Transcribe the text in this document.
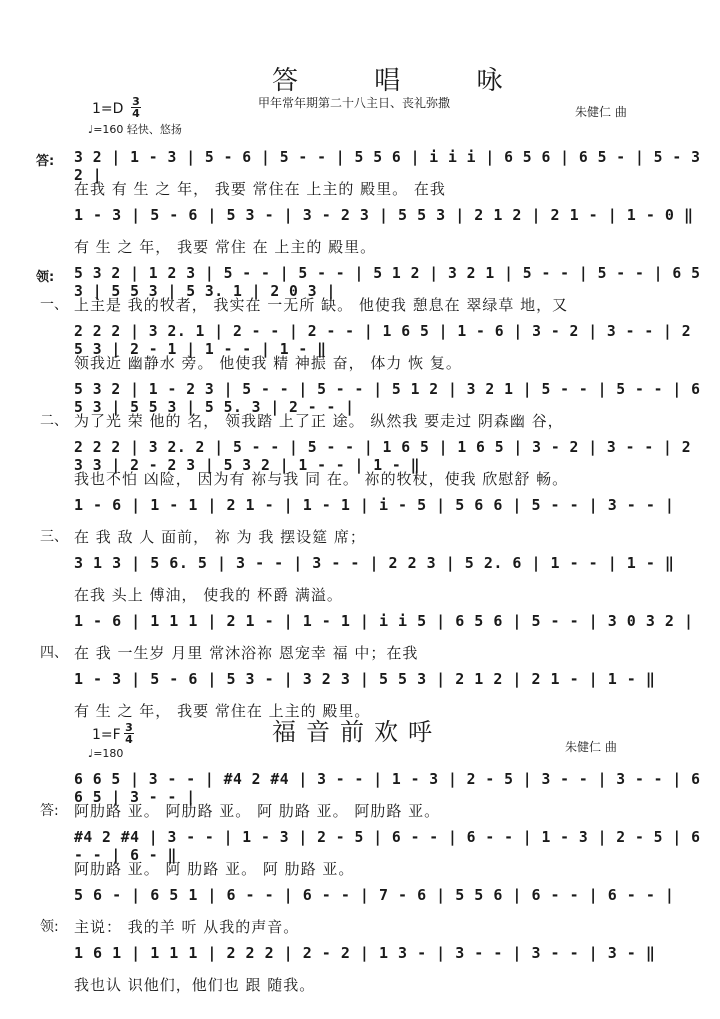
答 唱 咏
甲年常年期第二十八主日、丧礼弥撒
1=D 3
4
♩=160 轻快、悠扬
朱健仁 曲
答: 3 2 | 1 - 3 | 5 - 6 | 5 - - | 5 5 6 | i i i | 6 5 6 | 6 5 - | 5 - 3 2 |
在我 有 生 之 年， 我要 常住在 上主的 殿里。 在我
1 - 3 | 5 - 6 | 5 3 - | 3 - 2 3 | 5 5 3 | 2 1 2 | 2 1 - | 1 - 0 ‖
有 生 之 年， 我要 常住 在 上主的 殿里。
领: 5 3 2 | 1 2 3 | 5 - - | 5 - - | 5 1 2 | 3 2 1 | 5 - - | 5 - - | 6 5 3 | 5 5 3 | 5 3. 1 | 2 0 3 |
一、 上主是 我的牧者， 我实在 一无所 缺。 他使我 憩息在 翠绿草 地，又
2 2 2 | 3 2. 1 | 2 - - | 2 - - | 1 6 5 | 1 - 6 | 3 - 2 | 3 - - | 2 5 3 | 2 - 1 | 1 - - | 1 - ‖
领我近 幽静水 旁。 他使我 精 神振 奋， 体力 恢 复。
5 3 2 | 1 - 2 3 | 5 - - | 5 - - | 5 1 2 | 3 2 1 | 5 - - | 5 - - | 6 5 3 | 5 5 3 | 5 5. 3 | 2 - - |
二、 为了光 荣 他的 名， 领我踏 上了正 途。 纵然我 要走过 阴森幽 谷，
2 2 2 | 3 2. 2 | 5 - - | 5 - - | 1 6 5 | 1 6 5 | 3 - 2 | 3 - - | 2 3 3 | 2 - 2 3 | 5 3 2 | 1 - - | 1 - ‖
我也不怕 凶险， 因为有 祢与我 同 在。 祢的牧杖，使我 欣慰舒 畅。
1 - 6 | 1 - 1 | 2 1 - | 1 - 1 | i - 5 | 5 6 6 | 5 - - | 3 - - |
三、 在 我 敌 人 面前， 祢 为 我 摆设筵 席；
3 1 3 | 5 6. 5 | 3 - - | 3 - - | 2 2 3 | 5 2. 6 | 1 - - | 1 - ‖
在我 头上 傅油， 使我的 杯爵 满溢。
1 - 6 | 1 1 1 | 2 1 - | 1 - 1 | i i 5 | 6 5 6 | 5 - - | 3 0 3 2 |
四、 在 我 一生岁 月里 常沐浴祢 恩宠幸 福 中；在我
1 - 3 | 5 - 6 | 5 3 - | 3 2 3 | 5 5 3 | 2 1 2 | 2 1 - | 1 - ‖
有 生 之 年， 我要 常住在 上主的 殿里。
1=F 3
4	福音前欢呼
♩=180	朱健仁 曲
6 6 5 | 3 - - | #4 2 #4 | 3 - - | 1 - 3 | 2 - 5 | 3 - - | 3 - - | 6 6 5 | 3 - - |
答: 阿肋路 亚。 阿肋路 亚。 阿 肋路 亚。 阿肋路 亚。
#4 2 #4 | 3 - - | 1 - 3 | 2 - 5 | 6 - - | 6 - - | 1 - 3 | 2 - 5 | 6 - - | 6 - ‖
阿肋路 亚。 阿 肋路 亚。 阿 肋路 亚。
5 6 - | 6 5 1 | 6 - - | 6 - - | 7 - 6 | 5 5 6 | 6 - - | 6 - - |
领: 主说： 我的羊 听 从我的声音。
1 6 1 | 1 1 1 | 2 2 2 | 2 - 2 | 1 3 - | 3 - - | 3 - - | 3 - ‖
我也认 识他们，他们也 跟 随我。
